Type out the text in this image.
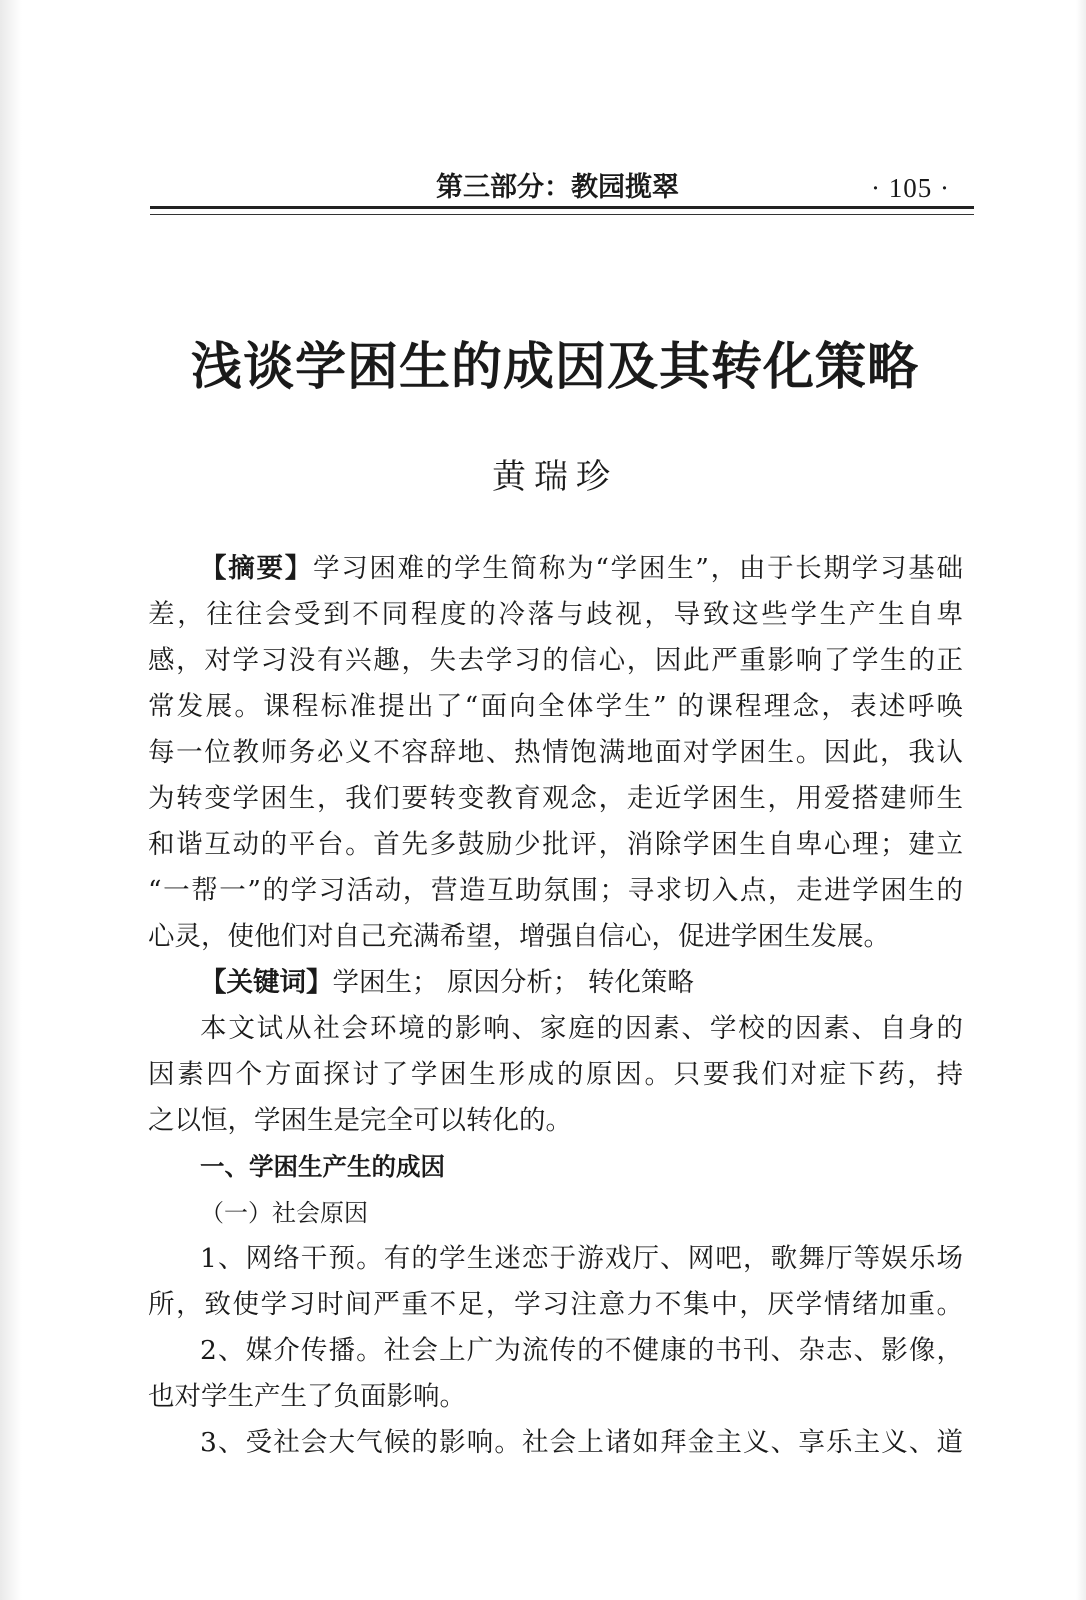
第三部分：教园揽翠	· 105 ·
浅谈学困生的成因及其转化策略
黄瑞珍
【摘要】学习困难的学生简称为“学困生”，由于长期学习基础
差，往往会受到不同程度的冷落与歧视，导致这些学生产生自卑
感，对学习没有兴趣，失去学习的信心，因此严重影响了学生的正
常发展。课程标准提出了“面向全体学生” 的课程理念，表述呼唤
每一位教师务必义不容辞地、热情饱满地面对学困生。因此，我认
为转变学困生，我们要转变教育观念，走近学困生，用爱搭建师生
和谐互动的平台。首先多鼓励少批评，消除学困生自卑心理；建立
“一帮一”的学习活动，营造互助氛围；寻求切入点，走进学困生的
心灵，使他们对自己充满希望，增强自信心，促进学困生发展。
【关键词】学困生； 原因分析； 转化策略
本文试从社会环境的影响、家庭的因素、学校的因素、自身的
因素四个方面探讨了学困生形成的原因。只要我们对症下药，持
之以恒，学困生是完全可以转化的。
一、学困生产生的成因
（一）社会原因
1、网络干预。有的学生迷恋于游戏厅、网吧，歌舞厅等娱乐场
所，致使学习时间严重不足，学习注意力不集中，厌学情绪加重。
2、媒介传播。社会上广为流传的不健康的书刊、杂志、影像，
也对学生产生了负面影响。
3、受社会大气候的影响。社会上诸如拜金主义、享乐主义、道
